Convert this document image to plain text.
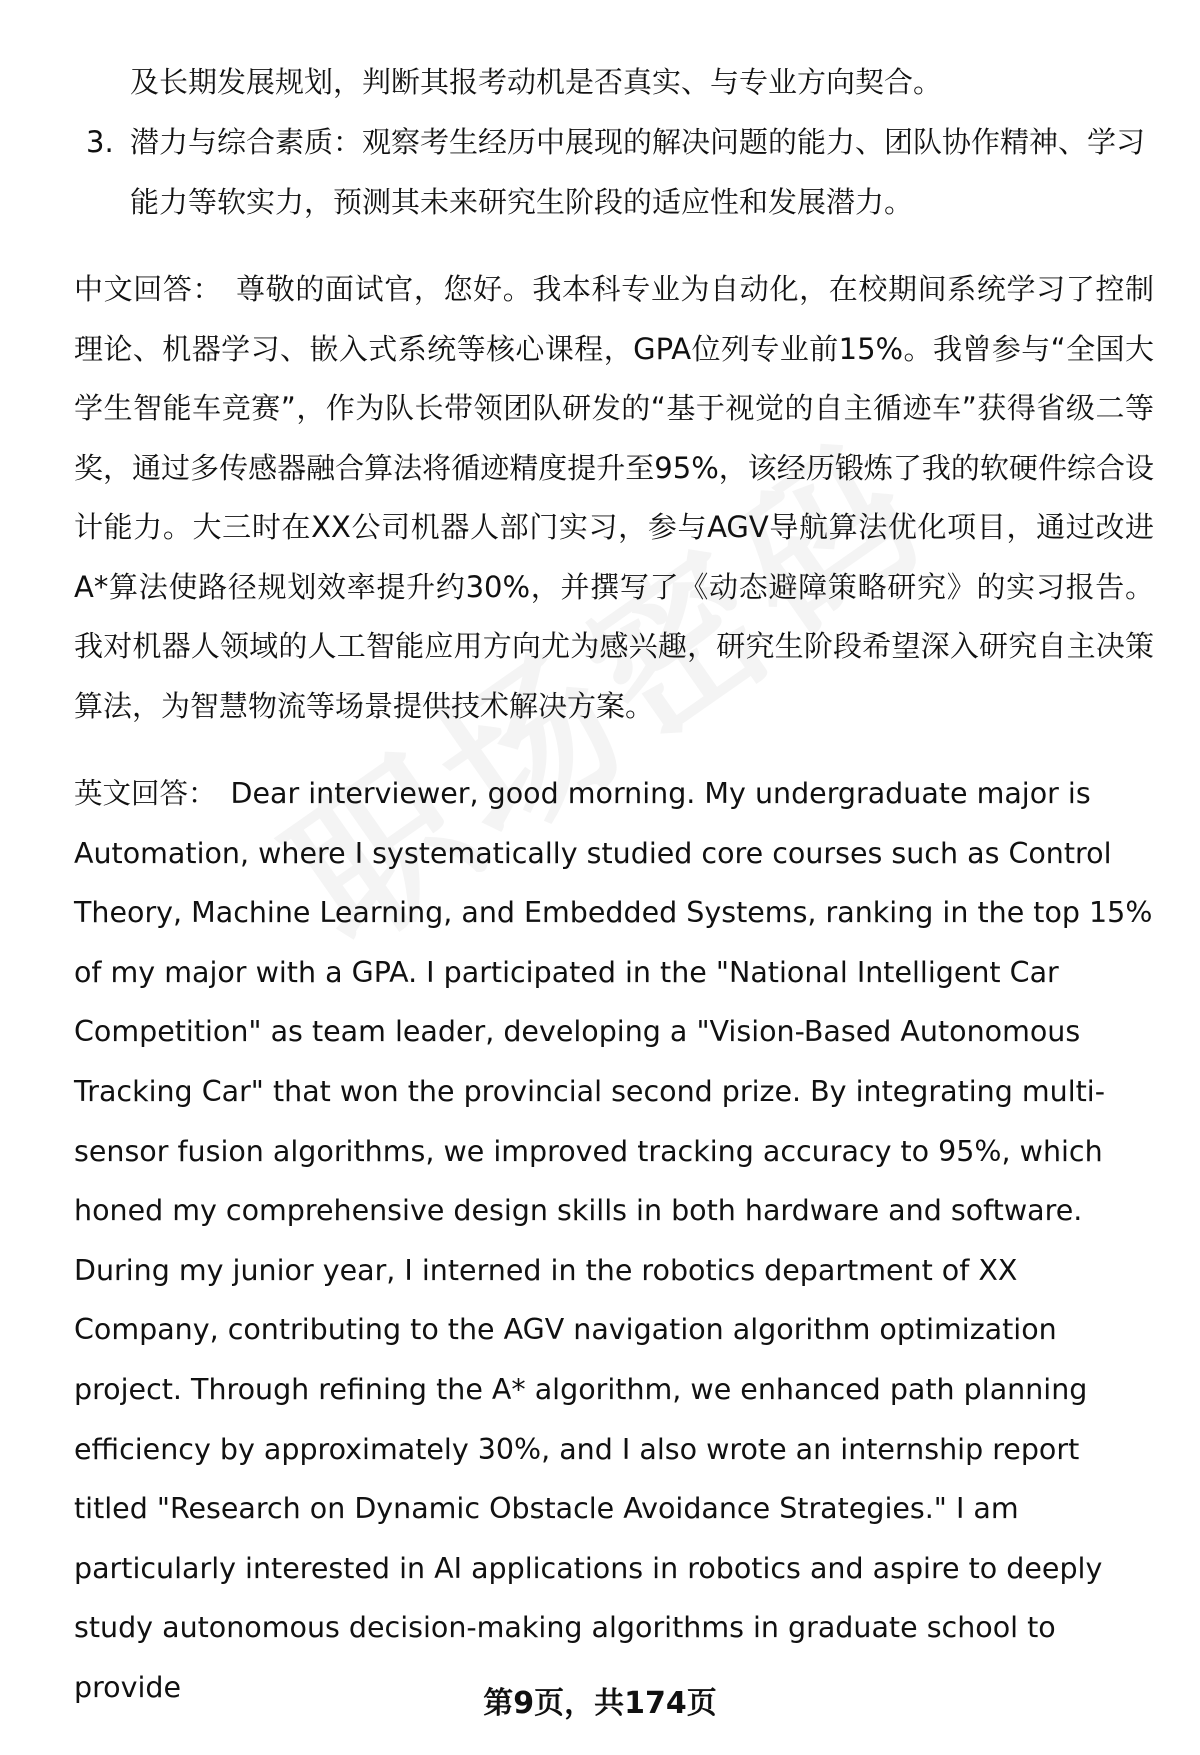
及长期发展规划，判断其报考动机是否真实、与专业方向契合。

3. 潜力与综合素质：观察考生经历中展现的解决问题的能力、团队协作精神、学习能力等软实力，预测其未来研究生阶段的适应性和发展潜力。

中文回答： 尊敬的面试官，您好。我本科专业为自动化，在校期间系统学习了控制理论、机器学习、嵌入式系统等核心课程，GPA位列专业前15%。我曾参与“全国大学生智能车竞赛”，作为队长带领团队研发的“基于视觉的自主循迹车”获得省级二等奖，通过多传感器融合算法将循迹精度提升至95%，该经历锻炼了我的软硬件综合设计能力。大三时在XX公司机器人部门实习，参与AGV导航算法优化项目，通过改进A*算法使路径规划效率提升约30%，并撰写了《动态避障策略研究》的实习报告。我对机器人领域的人工智能应用方向尤为感兴趣，研究生阶段希望深入研究自主决策算法，为智慧物流等场景提供技术解决方案。

英文回答： Dear interviewer, good morning. My undergraduate major is Automation, where I systematically studied core courses such as Control Theory, Machine Learning, and Embedded Systems, ranking in the top 15% of my major with a GPA. I participated in the "National Intelligent Car Competition" as team leader, developing a "Vision-Based Autonomous Tracking Car" that won the provincial second prize. By integrating multi-sensor fusion algorithms, we improved tracking accuracy to 95%, which honed my comprehensive design skills in both hardware and software. During my junior year, I interned in the robotics department of XX Company, contributing to the AGV navigation algorithm optimization project. Through refining the A* algorithm, we enhanced path planning efficiency by approximately 30%, and I also wrote an internship report titled "Research on Dynamic Obstacle Avoidance Strategies." I am particularly interested in AI applications in robotics and aspire to deeply study autonomous decision-making algorithms in graduate school to provide	第9页，共174页
